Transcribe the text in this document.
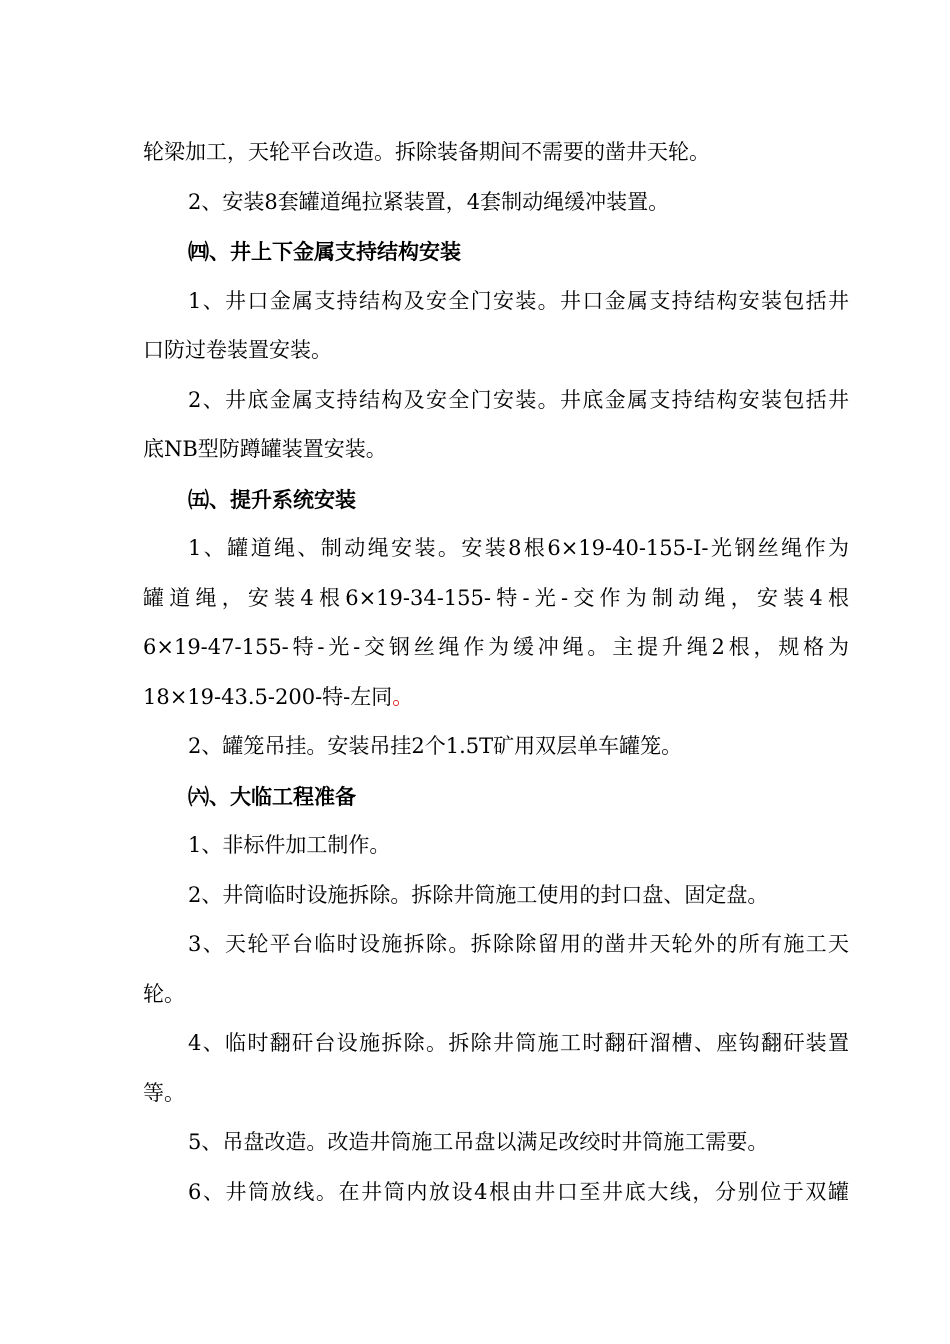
轮梁加工，天轮平台改造。拆除装备期间不需要的凿井天轮。
2、安装8套罐道绳拉紧装置，4套制动绳缓冲装置。
㈣、井上下金属支持结构安装
1、井口金属支持结构及安全门安装。井口金属支持结构安装包括井
口防过卷装置安装。
2、井底金属支持结构及安全门安装。井底金属支持结构安装包括井
底NB型防蹲罐装置安装。
㈤、提升系统安装
1、罐道绳、制动绳安装。安装8根6×19-40-155-I-光钢丝绳作为
罐道绳，安装4根6×19-34-155-特-光-交作为制动绳，安装4根
6×19-47-155-特-光-交钢丝绳作为缓冲绳。主提升绳2根，规格为
18×19-43.5-200-特-左同。
2、罐笼吊挂。安装吊挂2个1.5T矿用双层单车罐笼。
㈥、大临工程准备
1、非标件加工制作。
2、井筒临时设施拆除。拆除井筒施工使用的封口盘、固定盘。
3、天轮平台临时设施拆除。拆除除留用的凿井天轮外的所有施工天
轮。
4、临时翻矸台设施拆除。拆除井筒施工时翻矸溜槽、座钩翻矸装置
等。
5、吊盘改造。改造井筒施工吊盘以满足改绞时井筒施工需要。
6、井筒放线。在井筒内放设4根由井口至井底大线，分别位于双罐
